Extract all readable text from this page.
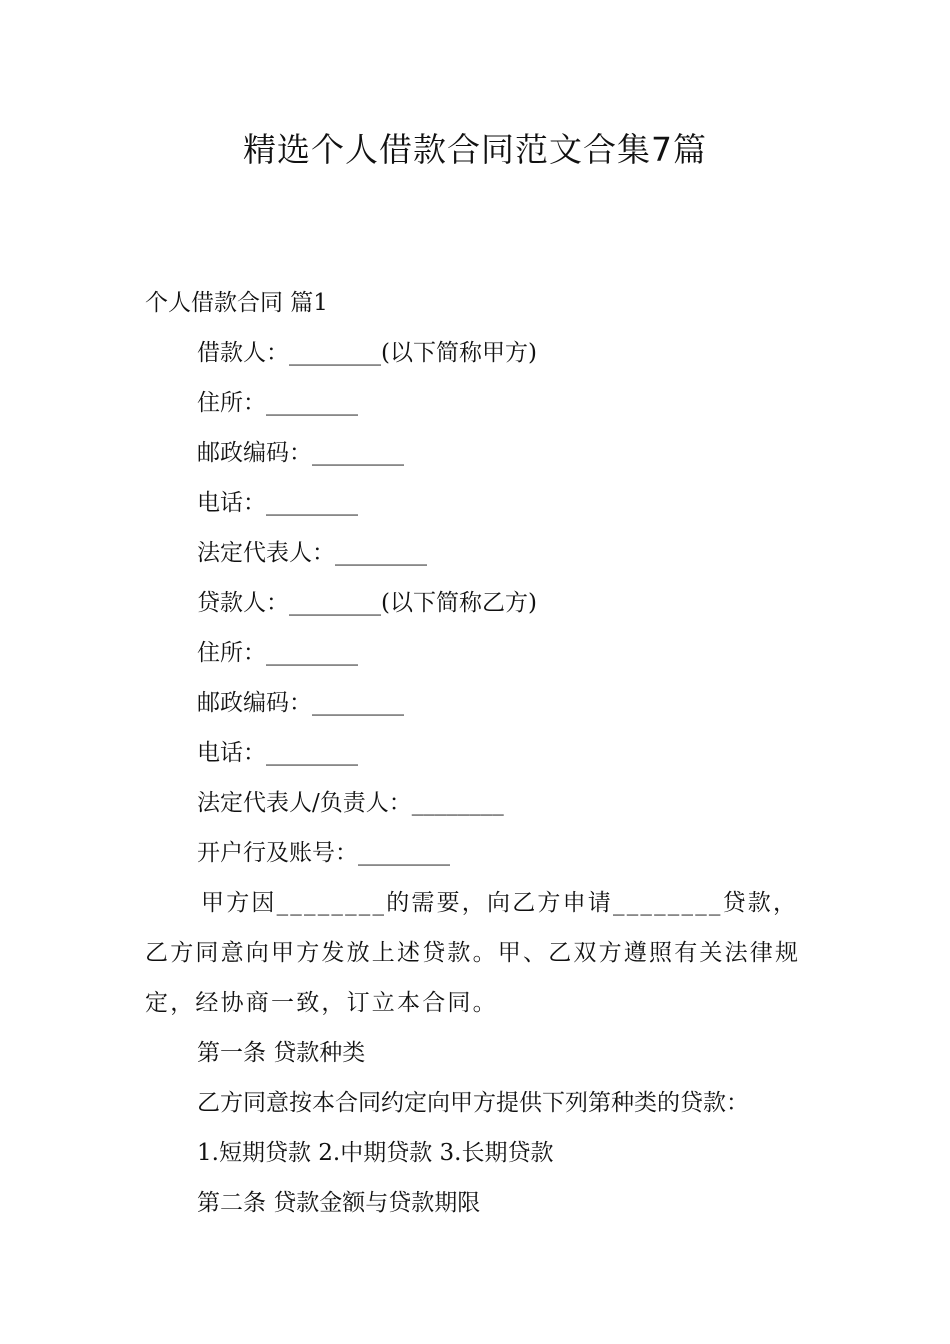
精选个人借款合同范文合集7篇
个人借款合同 篇1
借款人：________(以下简称甲方)
住所：________
邮政编码：________
电话：________
法定代表人：________
贷款人：________(以下简称乙方)
住所：________
邮政编码：________
电话：________
法定代表人/负责人：________
开户行及账号：________
甲方因________的需要，向乙方申请________贷款，乙方同意向甲方发放上述贷款。甲、乙双方遵照有关法律规定，经协商一致，订立本合同。
第一条 贷款种类
乙方同意按本合同约定向甲方提供下列第种类的贷款：
1.短期贷款 2.中期贷款 3.长期贷款
第二条 贷款金额与贷款期限
